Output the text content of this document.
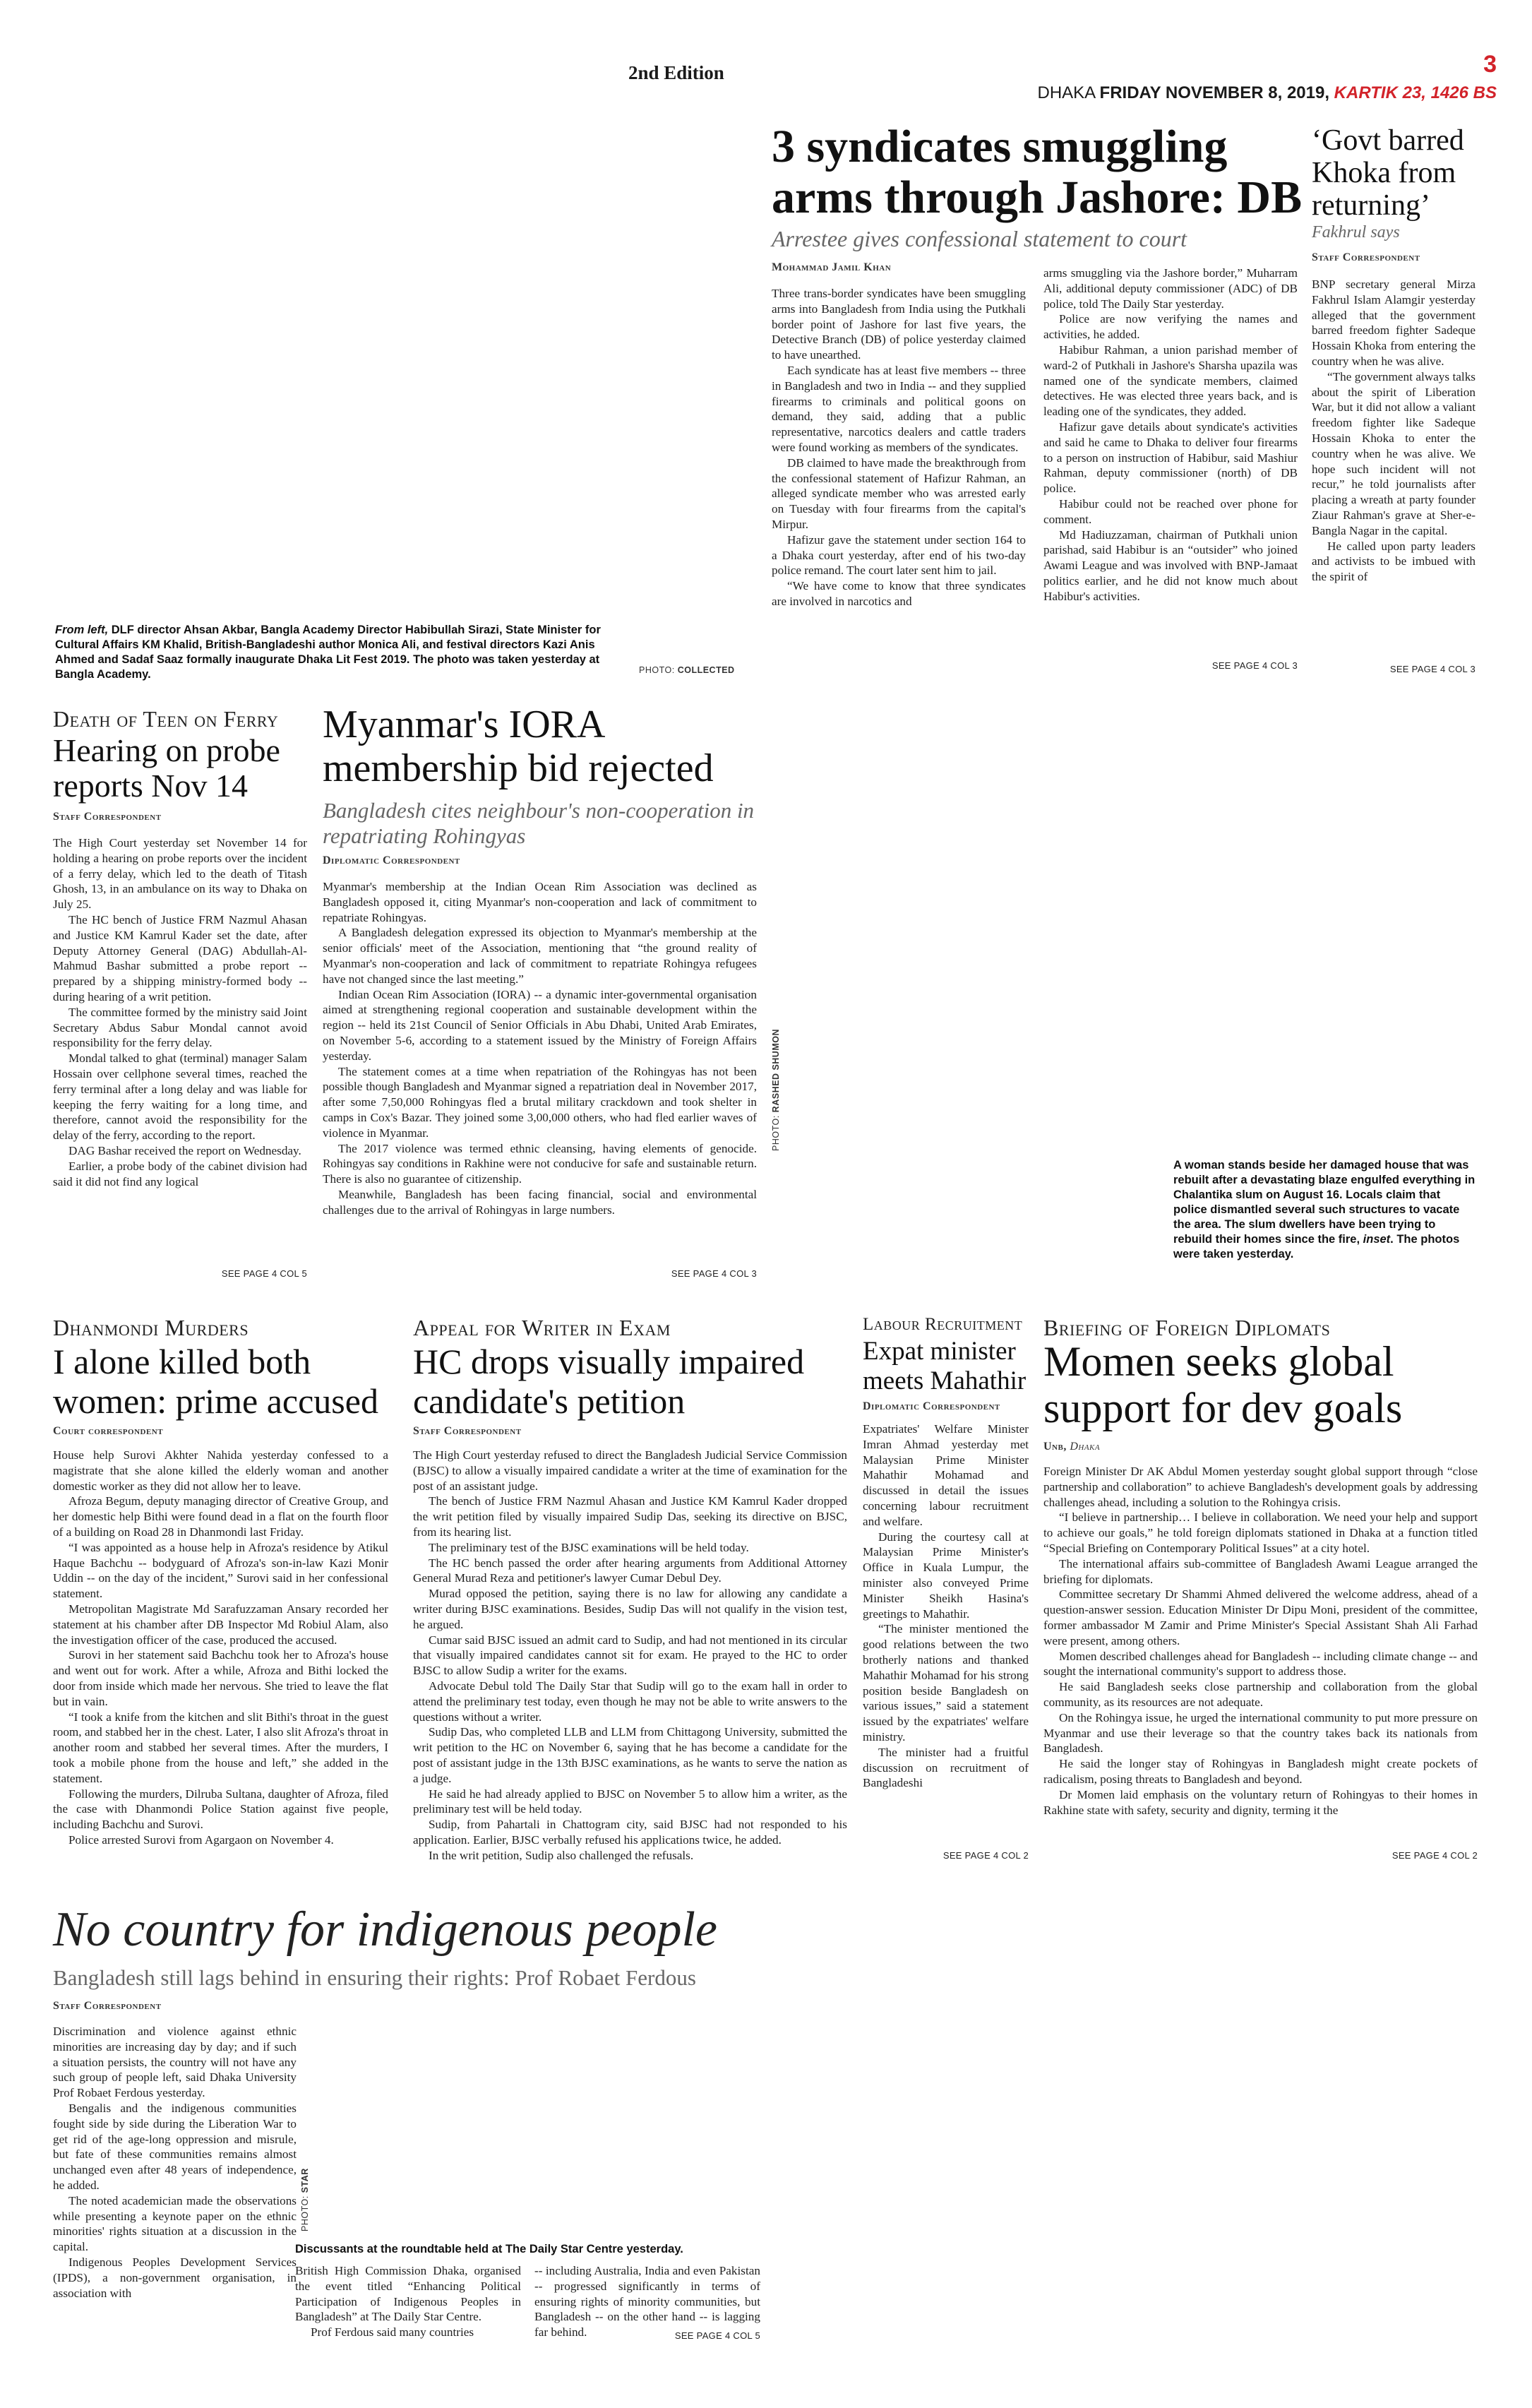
2nd Edition	3
DHAKA FRIDAY NOVEMBER 8, 2019, KARTIK 23, 1426 BS
From left, DLF director Ahsan Akbar, Bangla Academy Director Habibullah Sirazi, State Minister for Cultural Affairs KM Khalid, British-Bangladeshi author Monica Ali, and festival directors Kazi Anis Ahmed and Sadaf Saaz formally inaugurate Dhaka Lit Fest 2019. The photo was taken yesterday at Bangla Academy.	PHOTO: COLLECTED
3 syndicates smuggling arms through Jashore: DB
Arrestee gives confessional statement to court
Mohammad Jamil Khan

Three trans-border syndicates have been smuggling arms into Bangladesh from India using the Putkhali border point of Jashore for last five years, the Detective Branch (DB) of police yesterday claimed to have unearthed.

Each syndicate has at least five members -- three in Bangladesh and two in India -- and they supplied firearms to criminals and political goons on demand, they said, adding that a public representative, narcotics dealers and cattle traders were found working as members of the syndicates.

DB claimed to have made the breakthrough from the confessional statement of Hafizur Rahman, an alleged syndicate member who was arrested early on Tuesday with four firearms from the capital's Mirpur.

Hafizur gave the statement under section 164 to a Dhaka court yesterday, after end of his two-day police remand. The court later sent him to jail.

“We have come to know that three syndicates are involved in narcotics and

arms smuggling via the Jashore border,” Muharram Ali, additional deputy commissioner (ADC) of DB police, told The Daily Star yesterday.

Police are now verifying the names and activities, he added.

Habibur Rahman, a union parishad member of ward-2 of Putkhali in Jashore's Sharsha upazila was named one of the syndicate members, claimed detectives. He was elected three years back, and is leading one of the syndicates, they added.

Hafizur gave details about syndicate's activities and said he came to Dhaka to deliver four firearms to a person on instruction of Habibur, said Mashiur Rahman, deputy commissioner (north) of DB police.

Habibur could not be reached over phone for comment.

Md Hadiuzzaman, chairman of Putkhali union parishad, said Habibur is an “outsider” who joined Awami League and was involved with BNP-Jamaat politics earlier, and he did not know much about Habibur's activities.

SEE PAGE 4 COL 3
‘Govt barred Khoka from returning’
Fakhrul says
Staff Correspondent

BNP secretary general Mirza Fakhrul Islam Alamgir yesterday alleged that the government barred freedom fighter Sadeque Hossain Khoka from entering the country when he was alive.

“The government always talks about the spirit of Liberation War, but it did not allow a valiant freedom fighter like Sadeque Hossain Khoka to enter the country when he was alive. We hope such incident will not recur,” he told journalists after placing a wreath at party founder Ziaur Rahman's grave at Sher-e-Bangla Nagar in the capital.

He called upon party leaders and activists to be imbued with the spirit of

SEE PAGE 4 COL 3
Death of Teen on Ferry
Hearing on probe reports Nov 14
Staff Correspondent

The High Court yesterday set November 14 for holding a hearing on probe reports over the incident of a ferry delay, which led to the death of Titash Ghosh, 13, in an ambulance on its way to Dhaka on July 25.

The HC bench of Justice FRM Nazmul Ahasan and Justice KM Kamrul Kader set the date, after Deputy Attorney General (DAG) Abdullah-Al-Mahmud Bashar submitted a probe report -- prepared by a shipping ministry-formed body -- during hearing of a writ petition.

The committee formed by the ministry said Joint Secretary Abdus Sabur Mondal cannot avoid responsibility for the ferry delay.

Mondal talked to ghat (terminal) manager Salam Hossain over cellphone several times, reached the ferry terminal after a long delay and was liable for keeping the ferry waiting for a long time, and therefore, cannot avoid the responsibility for the delay of the ferry, according to the report.

DAG Bashar received the report on Wednesday.

Earlier, a probe body of the cabinet division had said it did not find any logical

SEE PAGE 4 COL 5
Myanmar's IORA membership bid rejected
Bangladesh cites neighbour's non-cooperation in repatriating Rohingyas
Diplomatic Correspondent

Myanmar's membership at the Indian Ocean Rim Association was declined as Bangladesh opposed it, citing Myanmar's non-cooperation and lack of commitment to repatriate Rohingyas.

A Bangladesh delegation expressed its objection to Myanmar's membership at the senior officials' meet of the Association, mentioning that “the ground reality of Myanmar's non-cooperation and lack of commitment to repatriate Rohingya refugees have not changed since the last meeting.”

Indian Ocean Rim Association (IORA) -- a dynamic inter-governmental organisation aimed at strengthening regional cooperation and sustainable development within the region -- held its 21st Council of Senior Officials in Abu Dhabi, United Arab Emirates, on November 5-6, according to a statement issued by the Ministry of Foreign Affairs yesterday.

The statement comes at a time when repatriation of the Rohingyas has not been possible though Bangladesh and Myanmar signed a repatriation deal in November 2017, after some 7,50,000 Rohingyas fled a brutal military crackdown and took shelter in camps in Cox's Bazar. They joined some 3,00,000 others, who had fled earlier waves of violence in Myanmar.

The 2017 violence was termed ethnic cleansing, having elements of genocide. Rohingyas say conditions in Rakhine were not conducive for safe and sustainable return. There is also no guarantee of citizenship.

Meanwhile, Bangladesh has been facing financial, social and environmental challenges due to the arrival of Rohingyas in large numbers.

SEE PAGE 4 COL 3
PHOTO: RASHED SHUMON
A woman stands beside her damaged house that was rebuilt after a devastating blaze engulfed everything in Chalantika slum on August 16. Locals claim that police dismantled several such structures to vacate the area. The slum dwellers have been trying to rebuild their homes since the fire, inset. The photos were taken yesterday.
Dhanmondi Murders
I alone killed both women: prime accused
Court correspondent

House help Surovi Akhter Nahida yesterday confessed to a magistrate that she alone killed the elderly woman and another domestic worker as they did not allow her to leave.

Afroza Begum, deputy managing director of Creative Group, and her domestic help Bithi were found dead in a flat on the fourth floor of a building on Road 28 in Dhanmondi last Friday.

“I was appointed as a house help in Afroza's residence by Atikul Haque Bachchu -- bodyguard of Afroza's son-in-law Kazi Monir Uddin -- on the day of the incident,” Surovi said in her confessional statement.

Metropolitan Magistrate Md Sarafuzzaman Ansary recorded her statement at his chamber after DB Inspector Md Robiul Alam, also the investigation officer of the case, produced the accused.

Surovi in her statement said Bachchu took her to Afroza's house and went out for work. After a while, Afroza and Bithi locked the door from inside which made her nervous. She tried to leave the flat but in vain.

“I took a knife from the kitchen and slit Bithi's throat in the guest room, and stabbed her in the chest. Later, I also slit Afroza's throat in another room and stabbed her several times. After the murders, I took a mobile phone from the house and left,” she added in the statement.

Following the murders, Dilruba Sultana, daughter of Afroza, filed the case with Dhanmondi Police Station against five people, including Bachchu and Surovi.

Police arrested Surovi from Agargaon on November 4.

Appeal for Writer in Exam
HC drops visually impaired candidate's petition
Staff Correspondent

The High Court yesterday refused to direct the Bangladesh Judicial Service Commission (BJSC) to allow a visually impaired candidate a writer at the time of examination for the post of an assistant judge.

The bench of Justice FRM Nazmul Ahasan and Justice KM Kamrul Kader dropped the writ petition filed by visually impaired Sudip Das, seeking its directive on BJSC, from its hearing list.

The preliminary test of the BJSC examinations will be held today.

The HC bench passed the order after hearing arguments from Additional Attorney General Murad Reza and petitioner's lawyer Cumar Debul Dey.

Murad opposed the petition, saying there is no law for allowing any candidate a writer during BJSC examinations. Besides, Sudip Das will not qualify in the vision test, he argued.

Cumar said BJSC issued an admit card to Sudip, and had not mentioned in its circular that visually impaired candidates cannot sit for exam. He prayed to the HC to order BJSC to allow Sudip a writer for the exams.

Advocate Debul told The Daily Star that Sudip will go to the exam hall in order to attend the preliminary test today, even though he may not be able to write answers to the questions without a writer.

Sudip Das, who completed LLB and LLM from Chittagong University, submitted the writ petition to the HC on November 6, saying that he has become a candidate for the post of assistant judge in the 13th BJSC examinations, as he wants to serve the nation as a judge.

He said he had already applied to BJSC on November 5 to allow him a writer, as the preliminary test will be held today.

Sudip, from Pahartali in Chattogram city, said BJSC had not responded to his application. Earlier, BJSC verbally refused his applications twice, he added.

In the writ petition, Sudip also challenged the refusals.

Labour Recruitment
Expat minister meets Mahathir
Diplomatic Correspondent

Expatriates' Welfare Minister Imran Ahmad yesterday met Malaysian Prime Minister Mahathir Mohamad and discussed in detail the issues concerning labour recruitment and welfare.

During the courtesy call at Malaysian Prime Minister's Office in Kuala Lumpur, the minister also conveyed Prime Minister Sheikh Hasina's greetings to Mahathir.

“The minister mentioned the good relations between the two brotherly nations and thanked Mahathir Mohamad for his strong position beside Bangladesh on various issues,” said a statement issued by the expatriates' welfare ministry.

The minister had a fruitful discussion on recruitment of Bangladeshi

SEE PAGE 4 COL 2
Briefing of Foreign Diplomats
Momen seeks global support for dev goals
Unb, Dhaka

Foreign Minister Dr AK Abdul Momen yesterday sought global support through “close partnership and collaboration” to achieve Bangladesh's development goals by addressing challenges ahead, including a solution to the Rohingya crisis.

“I believe in partnership… I believe in collaboration. We need your help and support to achieve our goals,” he told foreign diplomats stationed in Dhaka at a function titled “Special Briefing on Contemporary Political Issues” at a city hotel.

The international affairs sub-committee of Bangladesh Awami League arranged the briefing for diplomats.

Committee secretary Dr Shammi Ahmed delivered the welcome address, ahead of a question-answer session. Education Minister Dr Dipu Moni, president of the committee, former ambassador M Zamir and Prime Minister's Special Assistant Shah Ali Farhad were present, among others.

Momen described challenges ahead for Bangladesh -- including climate change -- and sought the international community's support to address those.

He said Bangladesh seeks close partnership and collaboration from the global community, as its resources are not adequate.

On the Rohingya issue, he urged the international community to put more pressure on Myanmar and use their leverage so that the country takes back its nationals from Bangladesh.

He said the longer stay of Rohingyas in Bangladesh might create pockets of radicalism, posing threats to Bangladesh and beyond.

Dr Momen laid emphasis on the voluntary return of Rohingyas to their homes in Rakhine state with safety, security and dignity, terming it the

SEE PAGE 4 COL 2
No country for indigenous people
Bangladesh still lags behind in ensuring their rights: Prof Robaet Ferdous
Staff Correspondent

Discrimination and violence against ethnic minorities are increasing day by day; and if such a situation persists, the country will not have any such group of people left, said Dhaka University Prof Robaet Ferdous yesterday.

Bengalis and the indigenous communities fought side by side during the Liberation War to get rid of the age-long oppression and misrule, but fate of these communities remains almost unchanged even after 48 years of independence, he added.

The noted academician made the observations while presenting a keynote paper on the ethnic minorities' rights situation at a discussion in the capital.

Indigenous Peoples Development Services (IPDS), a non-government organisation, in association with

PHOTO: STAR
Discussants at the roundtable held at The Daily Star Centre yesterday.

British High Commission Dhaka, organised the event titled “Enhancing Political Participation of Indigenous Peoples in Bangladesh” at The Daily Star Centre.

Prof Ferdous said many countries

-- including Australia, India and even Pakistan -- progressed significantly in terms of ensuring rights of minority communities, but Bangladesh -- on the other hand -- is lagging far behind.	SEE PAGE 4 COL 5
